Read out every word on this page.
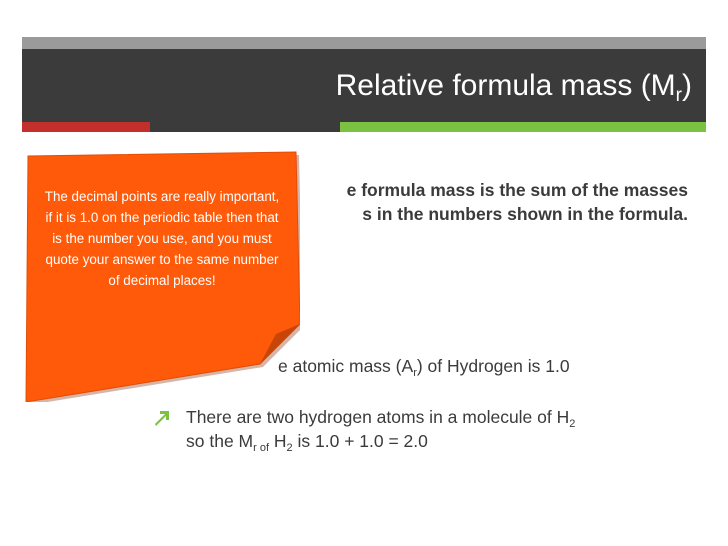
Relative formula mass $(M_r)$
e formula mass is the sum of the masses
s in the numbers shown in the formula.
e atomic mass $(A_r)$ of Hydrogen is 1.0
There are two hydrogen atoms in a molecule of $H_2$
so the $M_{r of}$ $H_2$ is 1.0 + 1.0 = 2.0
The decimal points are really important, if it is 1.0 on the periodic table then that is the number you use, and you must quote your answer to the same number of decimal places!
